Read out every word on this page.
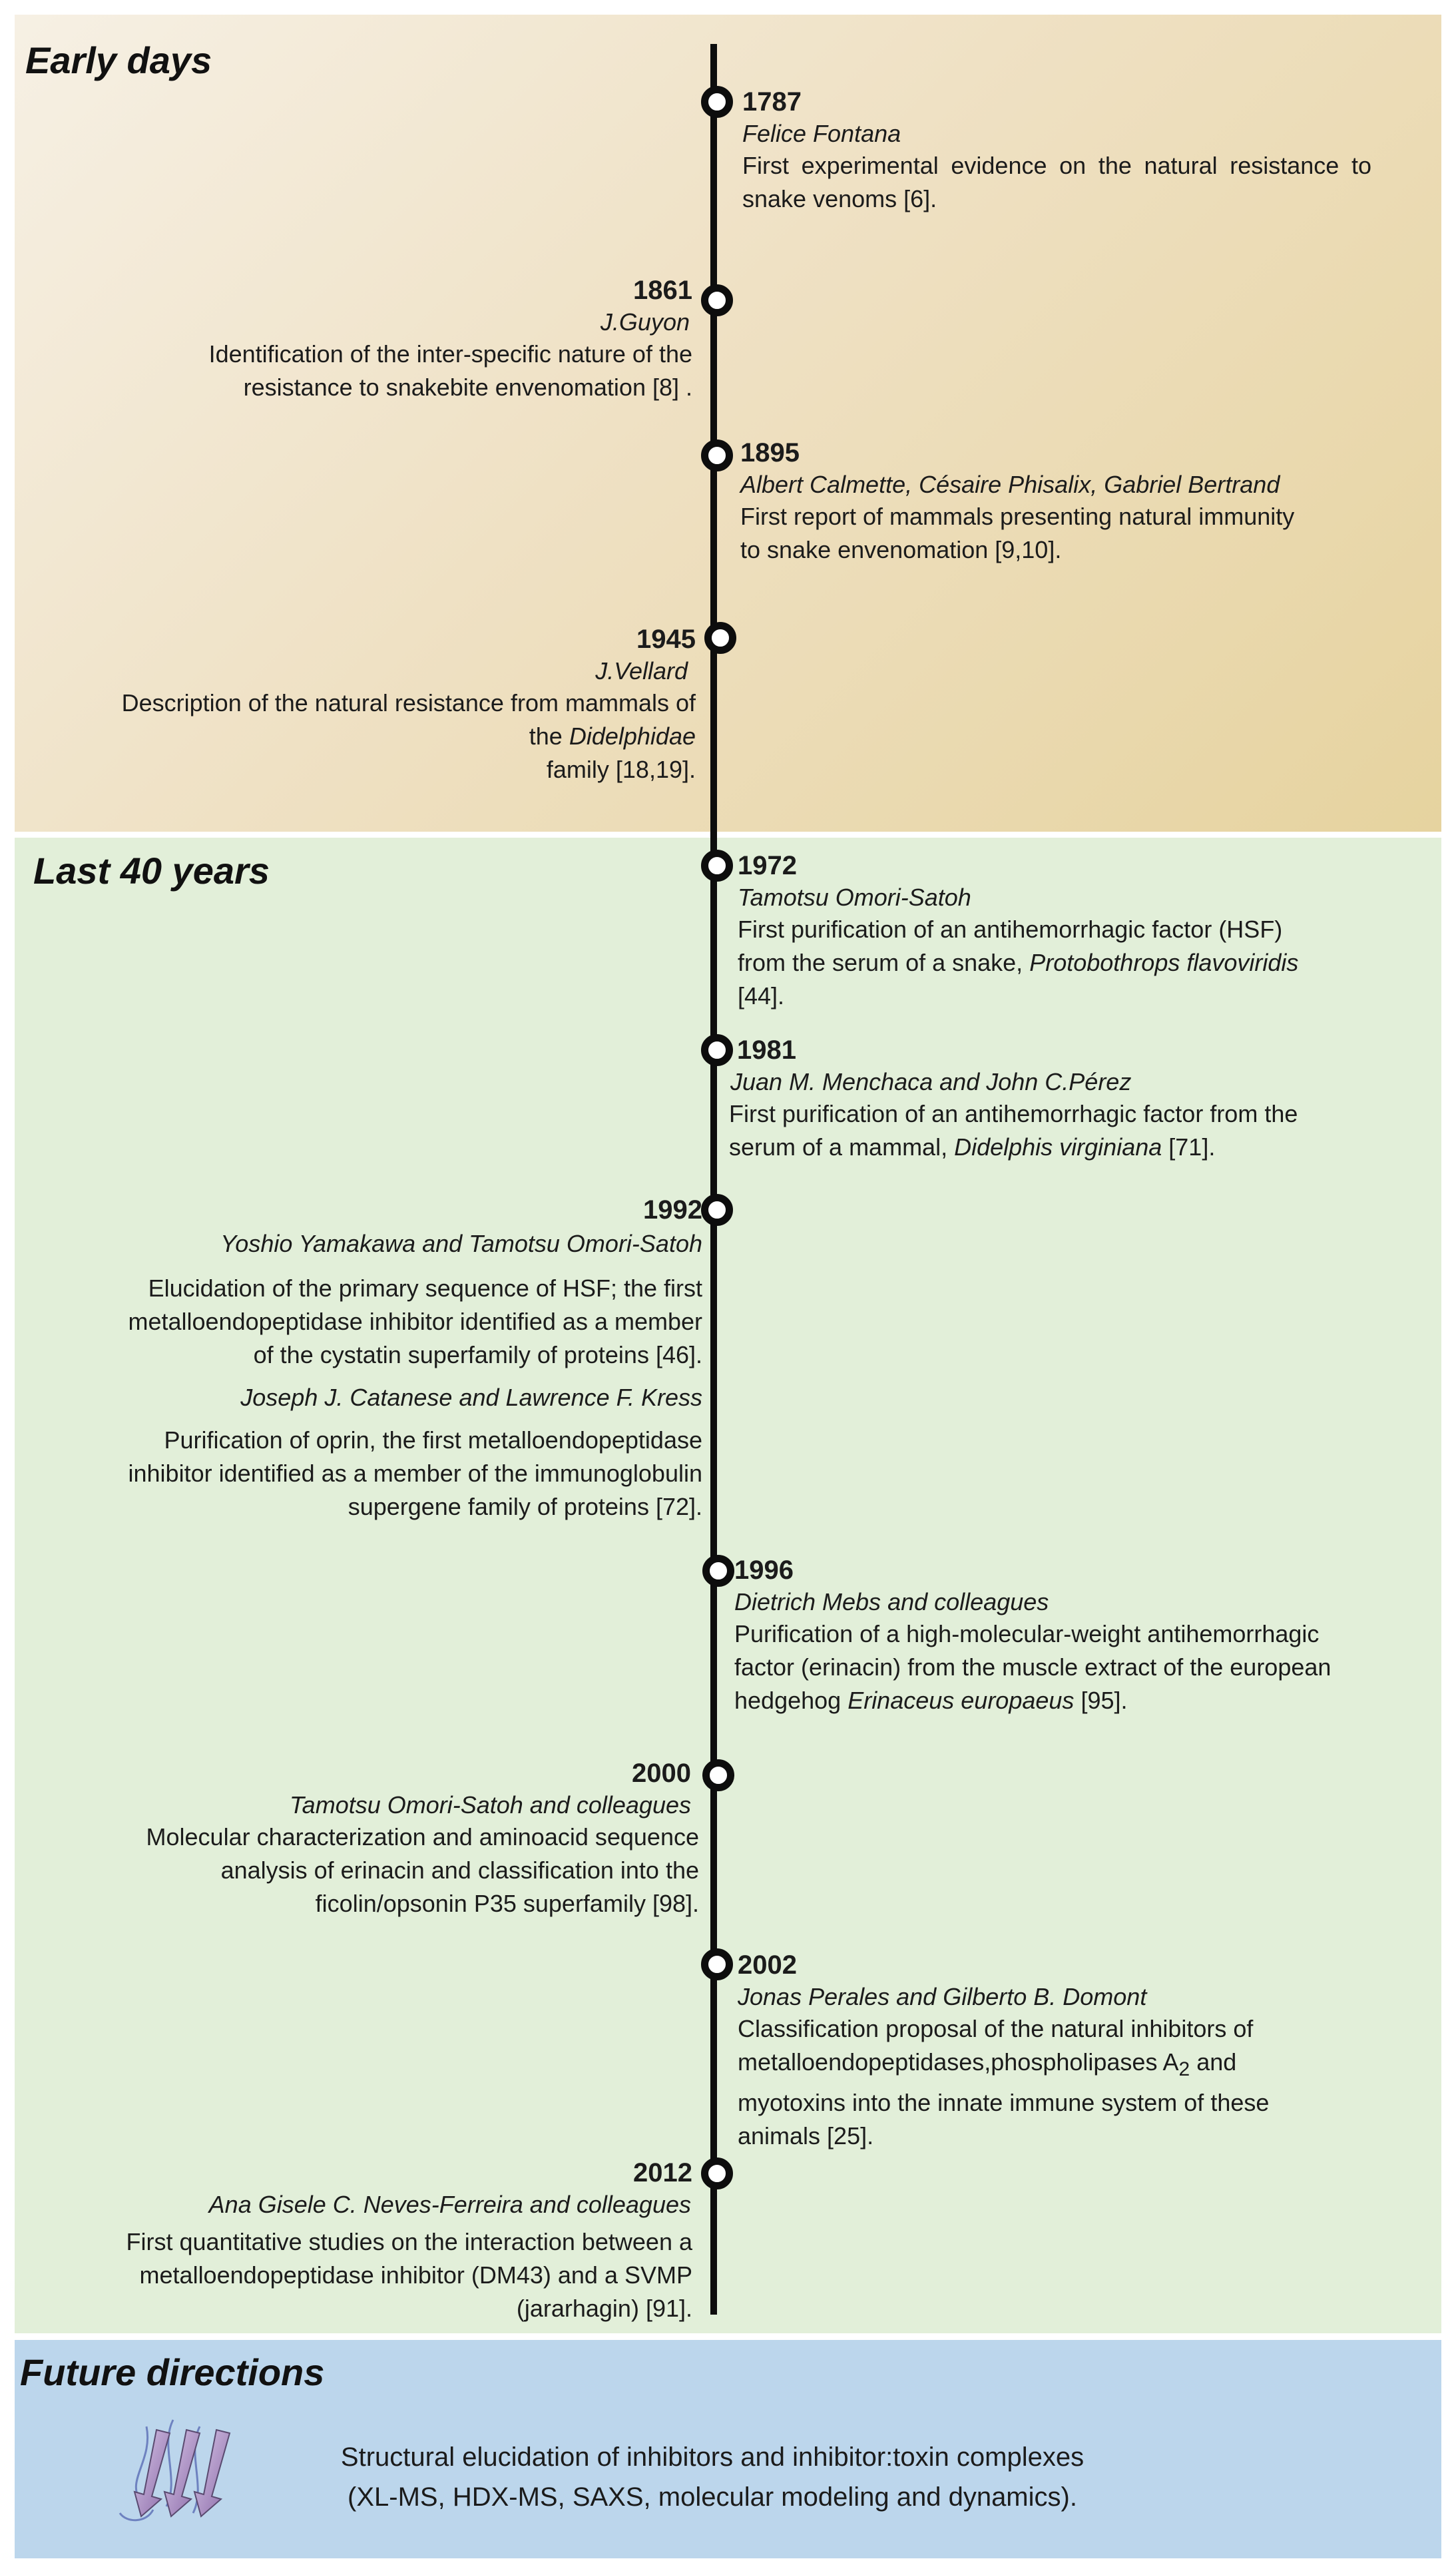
Early days
Last 40 years
Future directions
1787
Felice Fontana
First experimental evidence on the natural resistance to snake venoms [6].
1861
J.Guyon
Identification of the inter-specific nature of the
resistance to snakebite envenomation [8] .
1895
Albert Calmette, Césaire Phisalix, Gabriel Bertrand
First report of mammals presenting natural immunity
to snake envenomation [9,10].
1945
J.Vellard
Description of the natural resistance from mammals of
the Didelphidae
family [18,19].
1972
Tamotsu Omori-Satoh
First purification of an antihemorrhagic factor (HSF)
from the serum of a snake, Protobothrops flavoviridis
[44].
1981
Juan M. Menchaca and John C.Pérez
First purification of an antihemorrhagic factor from the
serum of a mammal, Didelphis virginiana [71].
1992
Yoshio Yamakawa and Tamotsu Omori-Satoh
Elucidation of the primary sequence of HSF; the first
metalloendopeptidase inhibitor identified as a member
of the cystatin superfamily of proteins [46].
Joseph J. Catanese and Lawrence F. Kress
Purification of oprin, the first metalloendopeptidase
inhibitor identified as a member of the immunoglobulin
supergene family of proteins [72].
1996
Dietrich Mebs and colleagues
Purification of a high-molecular-weight antihemorrhagic
factor (erinacin) from the muscle extract of the european
hedgehog Erinaceus europaeus [95].
2000
Tamotsu Omori-Satoh and colleagues
Molecular characterization and aminoacid sequence
analysis of erinacin and classification into the
ficolin/opsonin P35 superfamily [98].
2002
Jonas Perales and Gilberto B. Domont
Classification proposal of the natural inhibitors of
metalloendopeptidases,phospholipases $A_2$ and
myotoxins into the innate immune system of these
animals [25].
2012
Ana Gisele C. Neves-Ferreira and colleagues
First quantitative studies on the interaction between a
metalloendopeptidase inhibitor (DM43) and a SVMP
(jararhagin) [91].
Structural elucidation of inhibitors and inhibitor:toxin complexes
(XL-MS, HDX-MS, SAXS, molecular modeling and dynamics).
